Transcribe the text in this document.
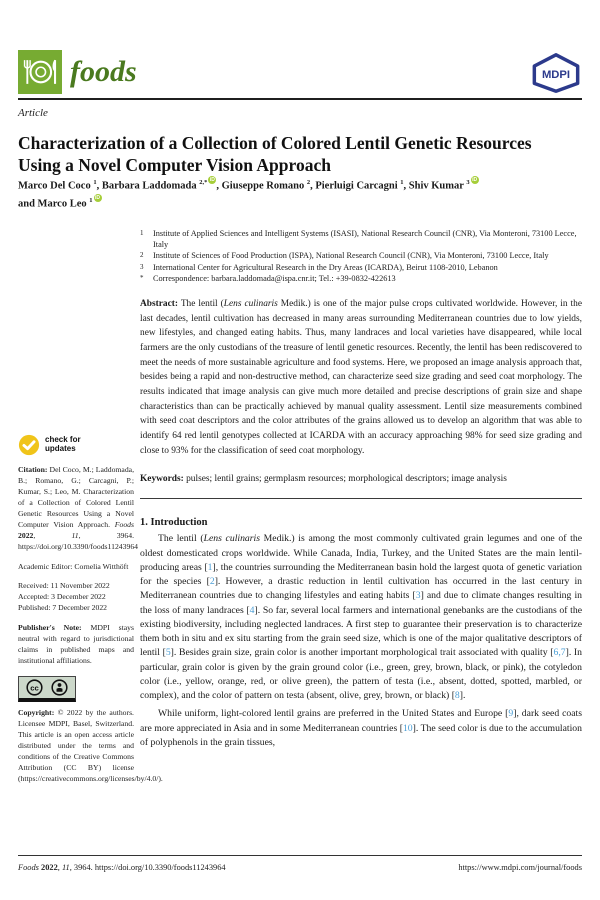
foods	MDPI
Article
Characterization of a Collection of Colored Lentil Genetic Resources Using a Novel Computer Vision Approach
Marco Del Coco $^1$, Barbara Laddomada $^{2,*}$ iD, Giuseppe Romano $^2$, Pierluigi Carcagni $^1$, Shiv Kumar $^3$ iD
and Marco Leo $^1$ iD
1	Institute of Applied Sciences and Intelligent Systems (ISASI), National Research Council (CNR), Via Monteroni, 73100 Lecce, Italy
2	Institute of Sciences of Food Production (ISPA), National Research Council (CNR), Via Monteroni, 73100 Lecce, Italy
3	International Center for Agricultural Research in the Dry Areas (ICARDA), Beirut 1108-2010, Lebanon
*	Correspondence: barbara.laddomada@ispa.cnr.it; Tel.: +39-0832-422613
Abstract: The lentil (Lens culinaris Medik.) is one of the major pulse crops cultivated worldwide. However, in the last decades, lentil cultivation has decreased in many areas surrounding Mediterranean countries due to low yields, new lifestyles, and changed eating habits. Thus, many landraces and local varieties have disappeared, while local farmers are the only custodians of the treasure of lentil genetic resources. Recently, the lentil has been rediscovered to meet the needs of more sustainable agriculture and food systems. Here, we proposed an image analysis approach that, besides being a rapid and non-destructive method, can characterize seed size grading and seed coat morphology. The results indicated that image analysis can give much more detailed and precise descriptions of grain size and shape characteristics than can be practically achieved by manual quality assessment. Lentil size measurements combined with seed coat descriptors and the color attributes of the grains allowed us to develop an algorithm that was able to identify 64 red lentil genotypes collected at ICARDA with an accuracy approaching 98% for seed size grading and close to 93% for the classification of seed coat morphology.
Keywords: pulses; lentil grains; germplasm resources; morphological descriptors; image analysis
1. Introduction

The lentil (Lens culinaris Medik.) is among the most commonly cultivated grain legumes and one of the oldest domesticated crops worldwide. While Canada, India, Turkey, and the United States are the main lentil-producing areas [1], the countries surrounding the Mediterranean basin hold the largest quota of genetic variation for the species [2]. However, a drastic reduction in lentil cultivation has occurred in the last century in Mediterranean countries due to changing lifestyles and eating habits [3] and due to climate changes resulting in the loss of many landraces [4]. So far, several local farmers and international genebanks are the custodians of the existing biodiversity, including neglected landraces. A first step to guarantee their preservation is to characterize them both in situ and ex situ starting from the grain seed size, which is one of the major qualitative descriptors of lentil [5]. Besides grain size, grain color is another important morphological trait associated with quality [6,7]. In particular, grain color is given by the grain ground color (i.e., green, grey, brown, black, or pink), the cotyledon color (i.e., yellow, orange, red, or olive green), the pattern of testa (i.e., absent, dotted, spotted, marbled, or complex), and the color of pattern on testa (absent, olive, grey, brown, or black) [8].

While uniform, light-colored lentil grains are preferred in the United States and Europe [9], dark seed coats are more appreciated in Asia and in some Mediterranean countries [10]. The seed color is due to the accumulation of polyphenols in the grain tissues,

check for
updates
Citation: Del Coco, M.; Laddomada, B.; Romano, G.; Carcagni, P.; Kumar, S.; Leo, M. Characterization of a Collection of Colored Lentil Genetic Resources Using a Novel Computer Vision Approach. Foods 2022, 11, 3964. https://doi.org/10.3390/foods11243964
Academic Editor: Cornelia Witthöft
Received: 11 November 2022
Accepted: 3 December 2022
Published: 7 December 2022
Publisher's Note: MDPI stays neutral with regard to jurisdictional claims in published maps and institutional affiliations.
cc
Copyright: © 2022 by the authors. Licensee MDPI, Basel, Switzerland. This article is an open access article distributed under the terms and conditions of the Creative Commons Attribution (CC BY) license (https://creativecommons.org/licenses/by/4.0/).
Foods 2022, 11, 3964. https://doi.org/10.3390/foods11243964	https://www.mdpi.com/journal/foods
